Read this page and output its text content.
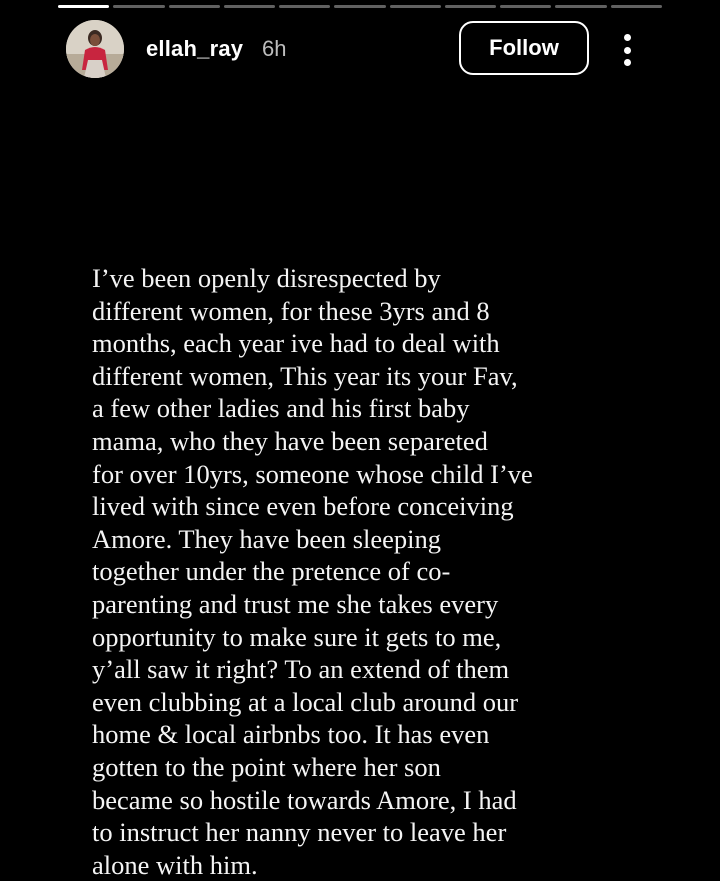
ellah_ray 6h	Follow

I’ve been openly disrespected by
different women, for these 3yrs and 8
months, each year ive had to deal with
different women, This year its your Fav,
a few other ladies and his first baby
mama, who they have been separeted
for over 10yrs, someone whose child I’ve
lived with since even before conceiving
Amore. They have been sleeping
together under the pretence of co-
parenting and trust me she takes every
opportunity to make sure it gets to me,
y’all saw it right? To an extend of them
even clubbing at a local club around our
home & local airbnbs too. It has even
gotten to the point where her son
became so hostile towards Amore, I had
to instruct her nanny never to leave her
alone with him.
